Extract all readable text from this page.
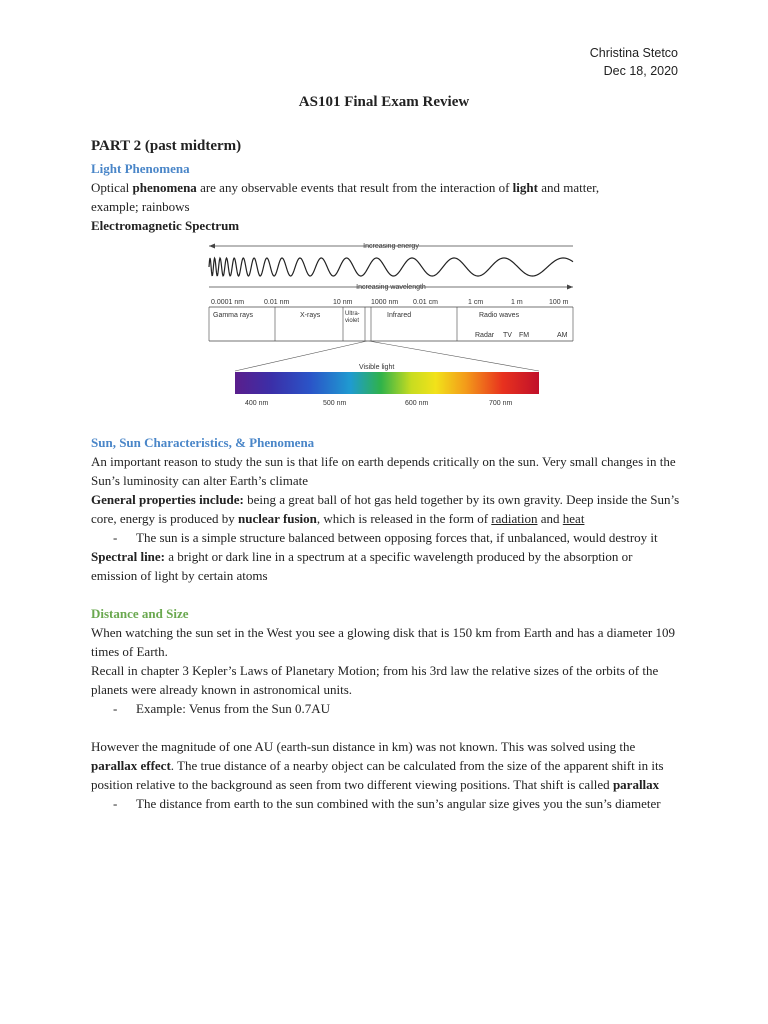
Christina Stetco
Dec 18, 2020
AS101 Final Exam Review
PART 2 (past midterm)
Light Phenomena

Optical phenomena are any observable events that result from the interaction of light and matter,
example; rainbows

Electromagnetic Spectrum
Increasing energy
Increasing wavelength
0.0001 nm	0.01 nm	10 nm	1000 nm 0.01 cm	1 cm	1 m	100 m
Gamma rays	X-rays	Ultra-
violet
Infrared	Radio waves
Radar TV FM	AM
Visible light
400 nm	500 nm	600 nm	700 nm
Sun, Sun Characteristics, & Phenomena

An important reason to study the sun is that life on earth depends critically on the sun. Very small changes in the Sun’s luminosity can alter Earth’s climate

General properties include: being a great ball of hot gas held together by its own gravity. Deep inside the Sun’s core, energy is produced by nuclear fusion, which is released in the form of radiation and heat

-	The sun is a simple structure balanced between opposing forces that, if unbalanced, would destroy it

Spectral line: a bright or dark line in a spectrum at a specific wavelength produced by the absorption or emission of light by certain atoms

Distance and Size

When watching the sun set in the West you see a glowing disk that is 150 km from Earth and has a diameter 109 times of Earth.

Recall in chapter 3 Kepler’s Laws of Planetary Motion; from his 3rd law the relative sizes of the orbits of the planets were already known in astronomical units.

-	Example: Venus from the Sun 0.7AU

However the magnitude of one AU (earth-sun distance in km) was not known. This was solved using the parallax effect. The true distance of a nearby object can be calculated from the size of the apparent shift in its position relative to the background as seen from two different viewing positions. That shift is called parallax

-	The distance from earth to the sun combined with the sun’s angular size gives you the sun’s diameter
